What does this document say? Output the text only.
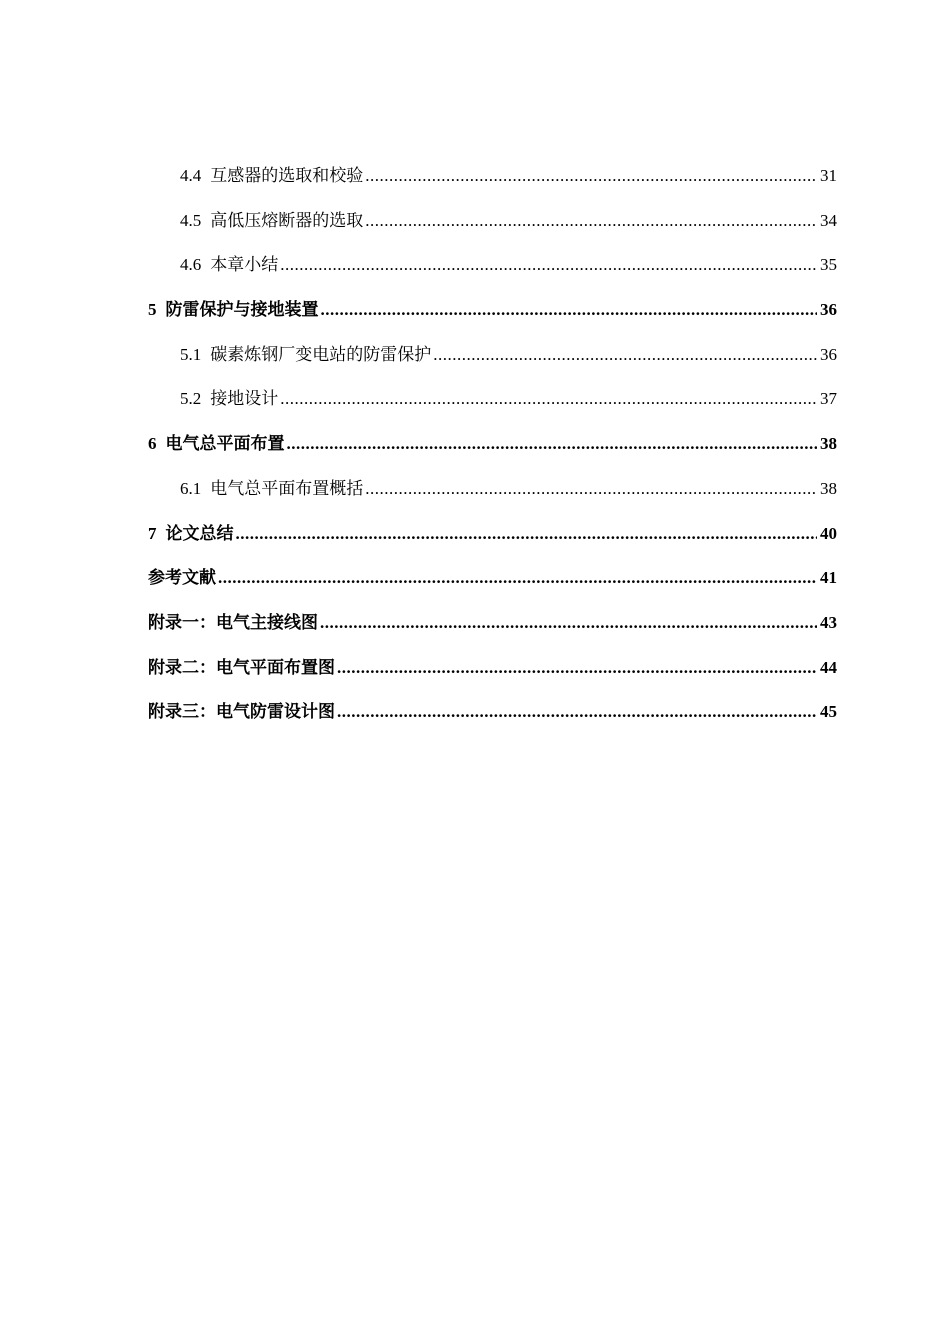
4.4 互感器的选取和校验 .....	31
4.5 高低压熔断器的选取 .....	34
4.6 本章小结 .....	35
5 防雷保护与接地装置 .....	36
5.1 碳素炼钢厂变电站的防雷保护 .....	36
5.2 接地设计 .....	37
6 电气总平面布置 .....	38
6.1 电气总平面布置概括 .....	38
7 论文总结 .....	40
参考文献 .....	41
附录一：电气主接线图 .....	43
附录二：电气平面布置图 .....	44
附录三：电气防雷设计图 .....	45
